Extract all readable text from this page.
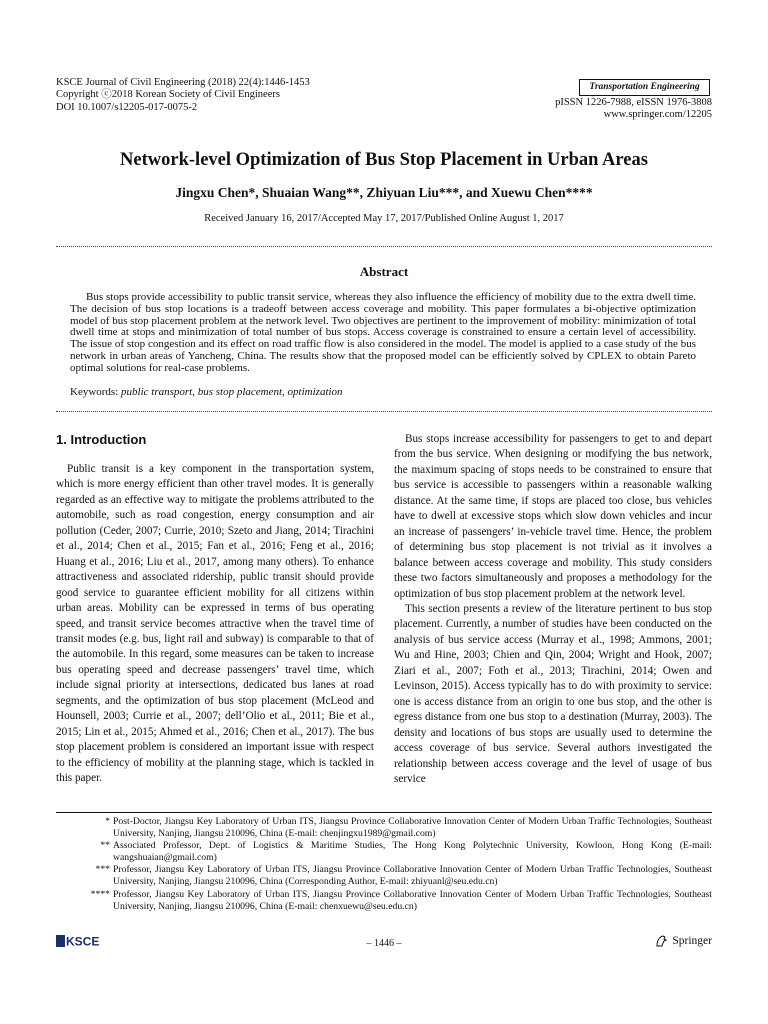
KSCE Journal of Civil Engineering (2018) 22(4):1446-1453
Copyright ⓒ2018 Korean Society of Civil Engineers
DOI 10.1007/s12205-017-0075-2
Transportation Engineering
pISSN 1226-7988, eISSN 1976-3808
www.springer.com/12205
Network-level Optimization of Bus Stop Placement in Urban Areas
Jingxu Chen*, Shuaian Wang**, Zhiyuan Liu***, and Xuewu Chen****
Received January 16, 2017/Accepted May 17, 2017/Published Online August 1, 2017
Abstract
Bus stops provide accessibility to public transit service, whereas they also influence the efficiency of mobility due to the extra dwell time. The decision of bus stop locations is a tradeoff between access coverage and mobility. This paper formulates a bi-objective optimization model of bus stop placement problem at the network level. Two objectives are pertinent to the improvement of mobility: minimization of total dwell time at stops and minimization of total number of bus stops. Access coverage is constrained to ensure a certain level of accessibility. The issue of stop congestion and its effect on road traffic flow is also considered in the model. The model is applied to a case study of the bus network in urban areas of Yancheng, China. The results show that the proposed model can be efficiently solved by CPLEX to obtain Pareto optimal solutions for real-case problems.
Keywords: public transport, bus stop placement, optimization
1. Introduction

Public transit is a key component in the transportation system, which is more energy efficient than other travel modes. It is generally regarded as an effective way to mitigate the problems attributed to the automobile, such as road congestion, energy consumption and air pollution (Ceder, 2007; Currie, 2010; Szeto and Jiang, 2014; Tirachini et al., 2014; Chen et al., 2015; Fan et al., 2016; Feng et al., 2016; Huang et al., 2016; Liu et al., 2017, among many others). To enhance attractiveness and associated ridership, public transit should provide good service to guarantee efficient mobility for all citizens within urban areas. Mobility can be expressed in terms of bus operating speed, and transit service becomes attractive when the travel time of transit modes (e.g. bus, light rail and subway) is comparable to that of the automobile. In this regard, some measures can be taken to increase bus operating speed and decrease passengers’ travel time, which include signal priority at intersections, dedicated bus lanes at road segments, and the optimization of bus stop placement (McLeod and Hounsell, 2003; Currie et al., 2007; dell’Olio et al., 2011; Bie et al., 2015; Lin et al., 2015; Ahmed et al., 2016; Chen et al., 2017). The bus stop placement problem is considered an important issue with respect to the efficiency of mobility at the planning stage, which is tackled in this paper.

Bus stops increase accessibility for passengers to get to and depart from the bus service. When designing or modifying the bus network, the maximum spacing of stops needs to be constrained to ensure that bus service is accessible to passengers within a reasonable walking distance. At the same time, if stops are placed too close, bus vehicles have to dwell at excessive stops which slow down vehicles and incur an increase of passengers’ in-vehicle travel time. Hence, the problem of determining bus stop placement is not trivial as it involves a balance between access coverage and mobility. This study considers these two factors simultaneously and proposes a methodology for the optimization of bus stop placement problem at the network level.

This section presents a review of the literature pertinent to bus stop placement. Currently, a number of studies have been conducted on the analysis of bus service access (Murray et al., 1998; Ammons, 2001; Wu and Hine, 2003; Chien and Qin, 2004; Wright and Hook, 2007; Ziari et al., 2007; Foth et al., 2013; Tirachini, 2014; Owen and Levinson, 2015). Access typically has to do with proximity to service: one is access distance from an origin to one bus stop, and the other is egress distance from one bus stop to a destination (Murray, 2003). The density and locations of bus stops are usually used to determine the access coverage of bus service. Several authors investigated the relationship between access coverage and the level of usage of bus service

* Post-Doctor, Jiangsu Key Laboratory of Urban ITS, Jiangsu Province Collaborative Innovation Center of Modern Urban Traffic Technologies, Southeast University, Nanjing, Jiangsu 210096, China (E-mail: chenjingxu1989@gmail.com)
** Associated Professor, Dept. of Logistics & Maritime Studies, The Hong Kong Polytechnic University, Kowloon, Hong Kong (E-mail: wangshuaian@gmail.com)
*** Professor, Jiangsu Key Laboratory of Urban ITS, Jiangsu Province Collaborative Innovation Center of Modern Urban Traffic Technologies, Southeast University, Nanjing, Jiangsu 210096, China (Corresponding Author, E-mail: zhiyuanl@seu.edu.cn)
**** Professor, Jiangsu Key Laboratory of Urban ITS, Jiangsu Province Collaborative Innovation Center of Modern Urban Traffic Technologies, Southeast University, Nanjing, Jiangsu 210096, China (E-mail: chenxuewu@seu.edu.cn)
KSCE	– 1446 –	Springer
